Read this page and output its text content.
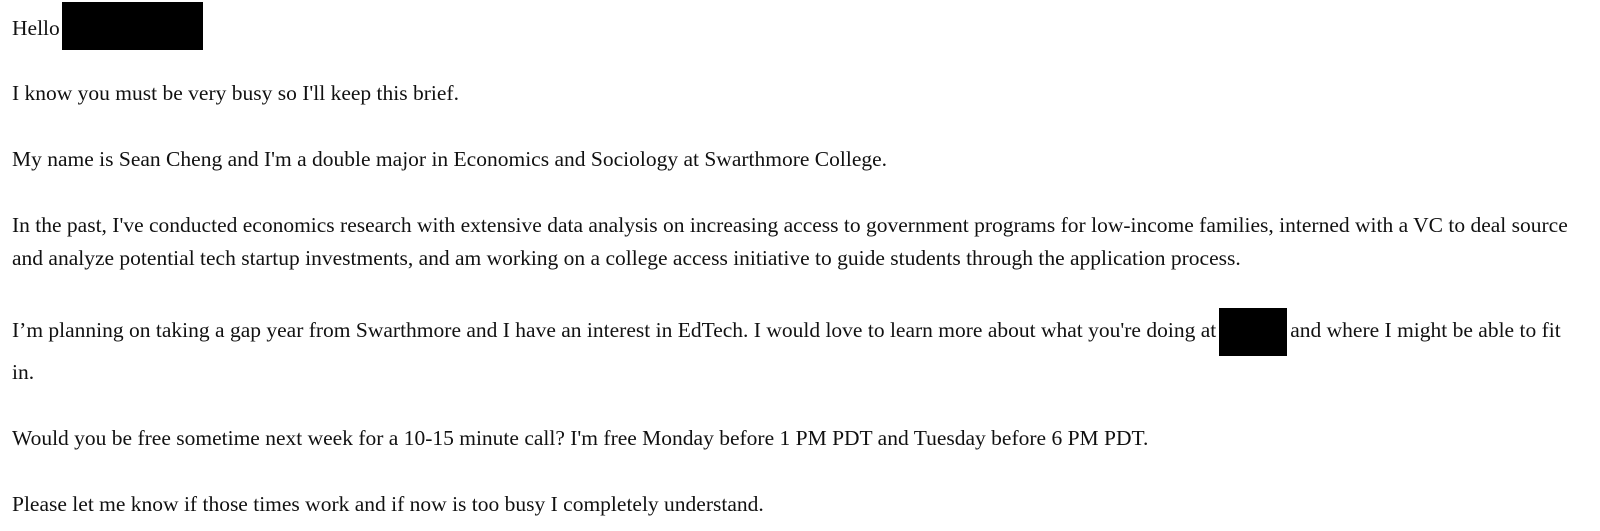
Hello

I know you must be very busy so I'll keep this brief.

My name is Sean Cheng and I'm a double major in Economics and Sociology at Swarthmore College.

In the past, I've conducted economics research with extensive data analysis on increasing access to government programs for low-income families, interned with a VC to deal source and analyze potential tech startup investments, and am working on a college access initiative to guide students through the application process.

I’m planning on taking a gap year from Swarthmore and I have an interest in EdTech. I would love to learn more about what you're doing at	and where I might be able to fit in.

Would you be free sometime next week for a 10-15 minute call? I'm free Monday before 1 PM PDT and Tuesday before 6 PM PDT.

Please let me know if those times work and if now is too busy I completely understand.
